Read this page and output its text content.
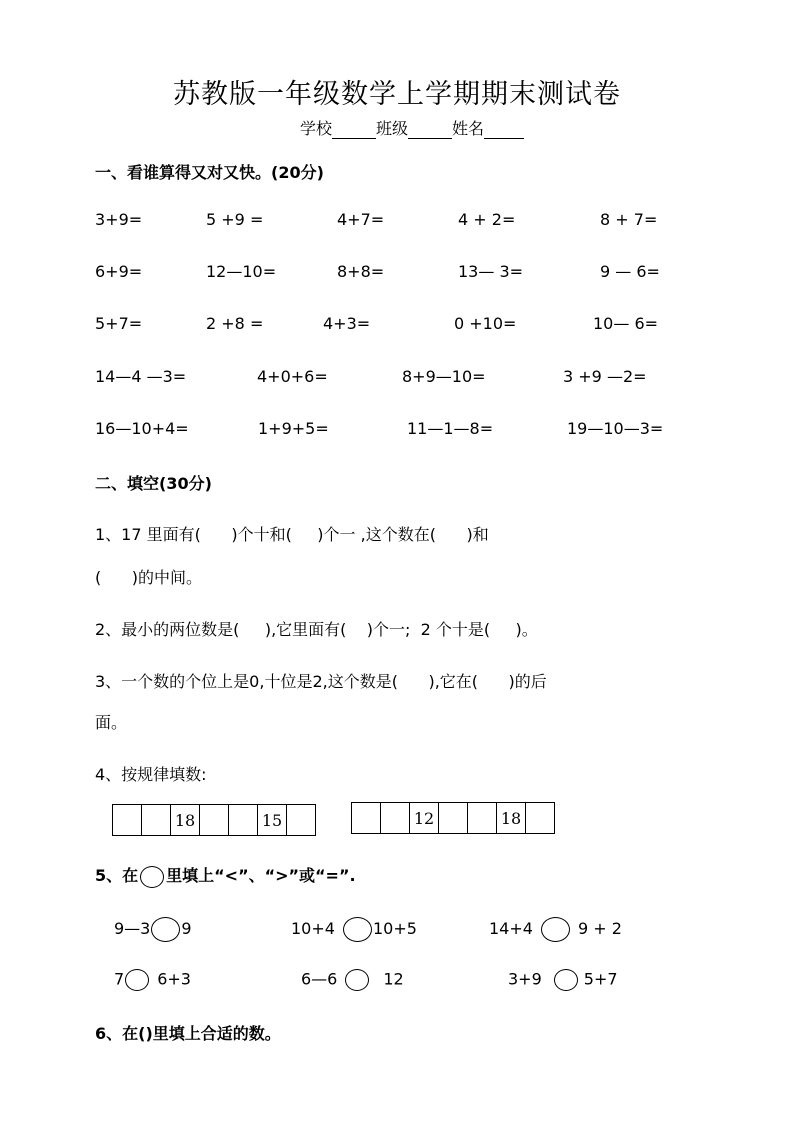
苏教版一年级数学上学期期末测试卷
学校	班级	姓名
一、看谁算得又对又快。(20分)
3+9=	5 +9 =	4+7=	4 + 2=	8 + 7=
6+9=	12—10=	8+8=	13— 3=	9 — 6=
5+7=	2 +8 =	4+3=	0 +10=	10— 6=
14—4 —3=	4+0+6=	8+9—10=	3 +9 —2=
16—10+4=	1+9+5=	11—1—8=	19—10—3=
二、填空(30分)
1、17 里面有(      )个十和(     )个一 ,这个数在(      )和
(      )的中间。
2、最小的两位数是(     ),它里面有(    )个一;  2 个十是(     )。
3、一个数的个位上是0,十位是2,这个数是(      ),它在(      )的后
面。
4、按规律填数:
		18			15	
			12			18	
5、在 里填上“<”、“>”或“=”.
9—3 9	10+4 10+5	14+4	9 + 2
7 6+3	6—6	12	3+9	5+7
6、在()里填上合适的数。
